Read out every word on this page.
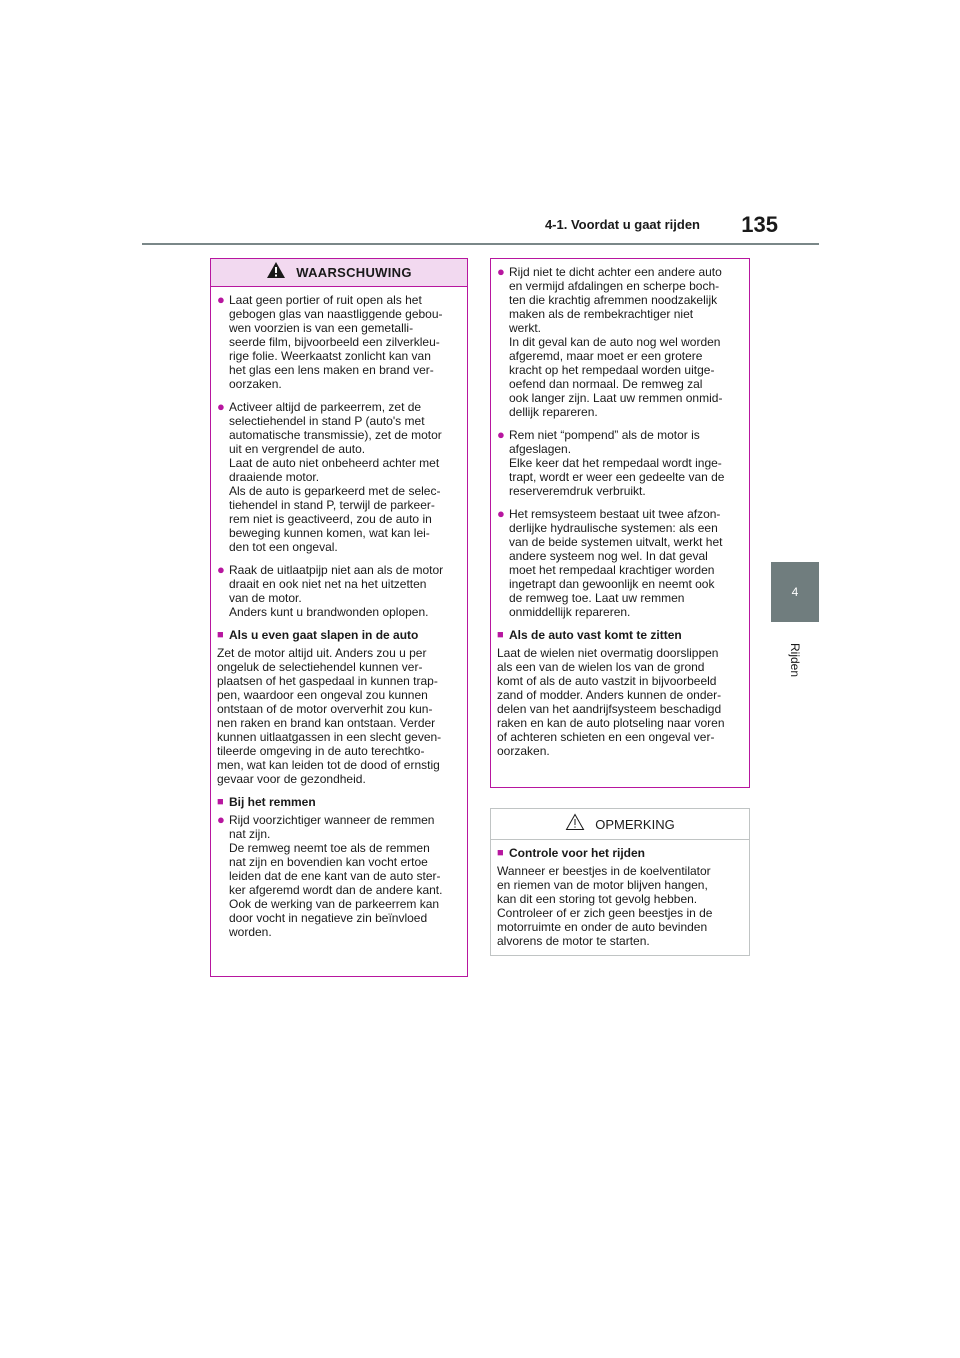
4-1. Voordat u gaat rijden	135
4
Rijden
WAARSCHUWING
● Laat geen portier of ruit open als het
gebogen glas van naastliggende gebou-
wen voorzien is van een gemetalli-
seerde film, bijvoorbeeld een zilverkleu-
rige folie. Weerkaatst zonlicht kan van
het glas een lens maken en brand ver-
oorzaken.
● Activeer altijd de parkeerrem, zet de
selectiehendel in stand P (auto's met
automatische transmissie), zet de motor
uit en vergrendel de auto.
Laat de auto niet onbeheerd achter met
draaiende motor.
Als de auto is geparkeerd met de selec-
tiehendel in stand P, terwijl de parkeer-
rem niet is geactiveerd, zou de auto in
beweging kunnen komen, wat kan lei-
den tot een ongeval.
● Raak de uitlaatpijp niet aan als de motor
draait en ook niet net na het uitzetten
van de motor.
Anders kunt u brandwonden oplopen.
■ Als u even gaat slapen in de auto
Zet de motor altijd uit. Anders zou u per
ongeluk de selectiehendel kunnen ver-
plaatsen of het gaspedaal in kunnen trap-
pen, waardoor een ongeval zou kunnen
ontstaan of de motor oververhit zou kun-
nen raken en brand kan ontstaan. Verder
kunnen uitlaatgassen in een slecht geven-
tileerde omgeving in de auto terechtko-
men, wat kan leiden tot de dood of ernstig
gevaar voor de gezondheid.
■ Bij het remmen
● Rijd voorzichtiger wanneer de remmen
nat zijn.
De remweg neemt toe als de remmen
nat zijn en bovendien kan vocht ertoe
leiden dat de ene kant van de auto ster-
ker afgeremd wordt dan de andere kant.
Ook de werking van de parkeerrem kan
door vocht in negatieve zin beïnvloed
worden.
● Rijd niet te dicht achter een andere auto
en vermijd afdalingen en scherpe boch-
ten die krachtig afremmen noodzakelijk
maken als de rembekrachtiger niet
werkt.
In dit geval kan de auto nog wel worden
afgeremd, maar moet er een grotere
kracht op het rempedaal worden uitge-
oefend dan normaal. De remweg zal
ook langer zijn. Laat uw remmen onmid-
dellijk repareren.
● Rem niet “pompend” als de motor is
afgeslagen.
Elke keer dat het rempedaal wordt inge-
trapt, wordt er weer een gedeelte van de
reserveremdruk verbruikt.
● Het remsysteem bestaat uit twee afzon-
derlijke hydraulische systemen: als een
van de beide systemen uitvalt, werkt het
andere systeem nog wel. In dat geval
moet het rempedaal krachtiger worden
ingetrapt dan gewoonlijk en neemt ook
de remweg toe. Laat uw remmen
onmiddellijk repareren.
■ Als de auto vast komt te zitten
Laat de wielen niet overmatig doorslippen
als een van de wielen los van de grond
komt of als de auto vastzit in bijvoorbeeld
zand of modder. Anders kunnen de onder-
delen van het aandrijfsysteem beschadigd
raken en kan de auto plotseling naar voren
of achteren schieten en een ongeval ver-
oorzaken.
OPMERKING
■ Controle voor het rijden
Wanneer er beestjes in de koelventilator
en riemen van de motor blijven hangen,
kan dit een storing tot gevolg hebben.
Controleer of er zich geen beestjes in de
motorruimte en onder de auto bevinden
alvorens de motor te starten.
